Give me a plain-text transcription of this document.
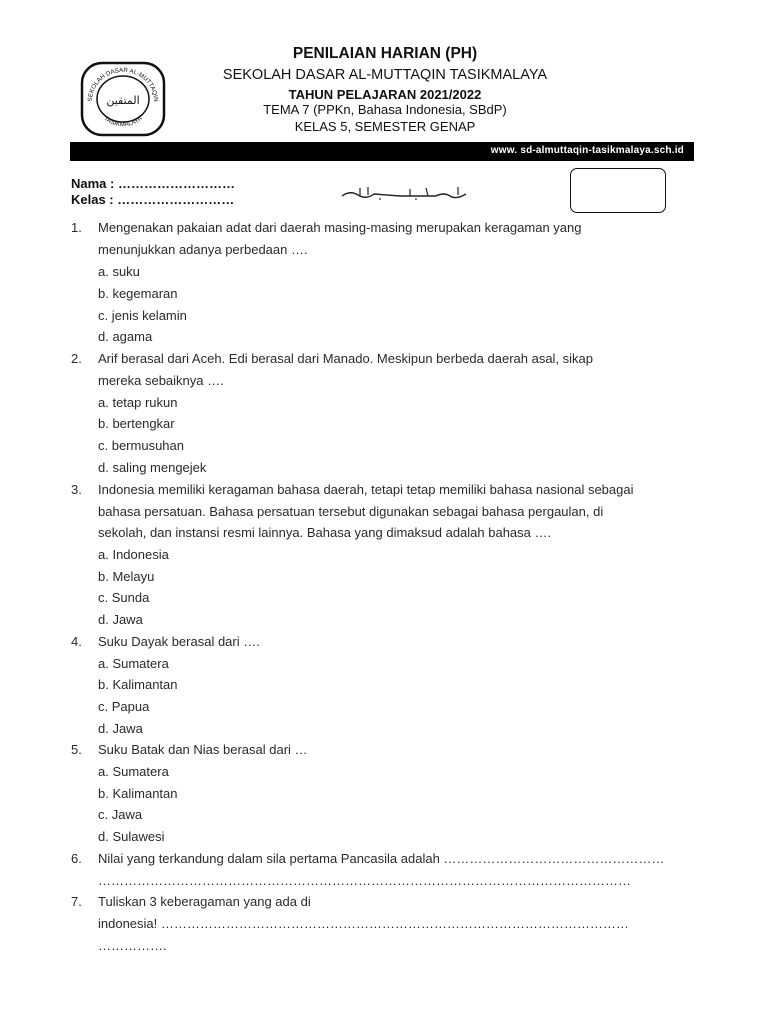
SEKOLAH DASAR AL-MUTTAQIN
TASIKMALAYA
المتقين
PENILAIAN HARIAN (PH)
SEKOLAH DASAR AL-MUTTAQIN TASIKMALAYA
TAHUN PELAJARAN 2021/2022
TEMA 7 (PPKn, Bahasa Indonesia, SBdP)
KELAS 5, SEMESTER GENAP
www. sd-almuttaqin-tasikmalaya.sch.id
Nama : ………………………
Kelas : ………………………
1. Mengenakan pakaian adat dari daerah masing-masing merupakan keragaman yang
menunjukkan adanya perbedaan ….
a. suku
b. kegemaran
c. jenis kelamin
d. agama
2. Arif berasal dari Aceh. Edi berasal dari Manado. Meskipun berbeda daerah asal, sikap
mereka sebaiknya ….
a. tetap rukun
b. bertengkar
c. bermusuhan
d. saling mengejek
3. Indonesia memiliki keragaman bahasa daerah, tetapi tetap memiliki bahasa nasional sebagai
bahasa persatuan. Bahasa persatuan tersebut digunakan sebagai bahasa pergaulan, di
sekolah, dan instansi resmi lainnya. Bahasa yang dimaksud adalah bahasa ….
a. Indonesia
b. Melayu
c. Sunda
d. Jawa
4. Suku Dayak berasal dari ….
a. Sumatera
b. Kalimantan
c. Papua
d. Jawa
5. Suku Batak dan Nias berasal dari …
a. Sumatera
b. Kalimantan
c. Jawa
d. Sulawesi
6. Nilai yang terkandung dalam sila pertama Pancasila adalah ……………………………………………
……………………………………………………………………………………………………………
7. Tuliskan 3 keberagaman yang ada di
indonesia! ………………………………………………………………………………………………
…………….
